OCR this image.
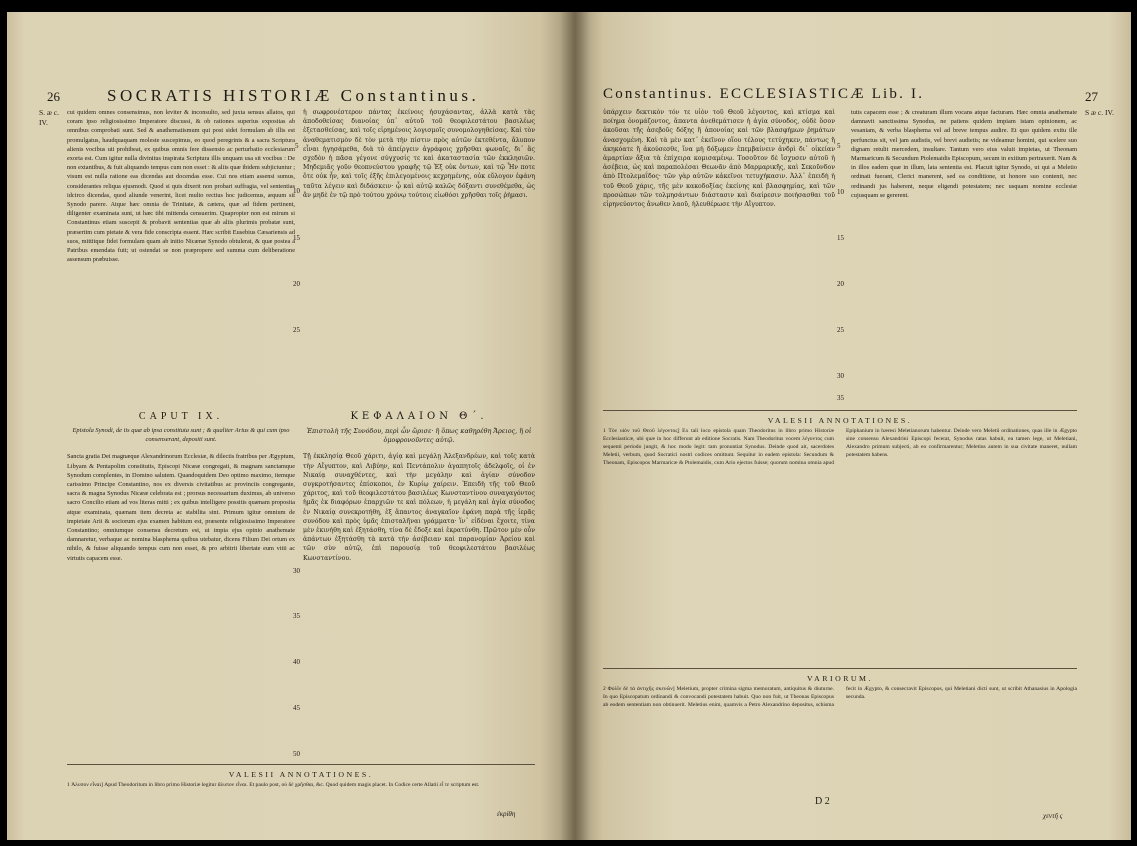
26	SOCRATIS HISTORIÆ Constantinus.
S. æ c. IV.

cui quidem omnes consensimus, non leviter & inconsulto, sed juxta sensus allatos, qui coram ipso religiosissimo Imperatore discussi, & ob rationes superius expositas ab omnibus comprobati sunt. Sed & anathematismum qui post sidei formulam ab illis est promulgatus, haudquaquam moleste suscepimus, eo quod peregrinis & a sacra Scriptura alienis vocibus uti prohibeat, ex quibus omnis fere dissensio ac perturbatio ecclesiarum exorta est. Cum igitur nulla divinitus inspirata Scriptura illis unquam usa sit vocibus : De non extantibus, & fuit aliquando tempus cum non esset : & aliis quæ ibidem subjiciuntur ; visum est nulla ratione eas dicendas aut docendas esse. Cui nos etiam assensi sumus, considerantes reliqua ejusmodi. Quod si quis dixerit non probari suffragia, vel sententias idcirco dicendas, quod aliunde venerint, licet multo rectius hoc judicemus, æquum sit Synodo parere. Atque hæc omnia de Trinitate, & cætera, quæ ad fidem pertinent, diligenter examinata sunt, ut hæc tibi mittenda censuerim. Quapropter non est mirum si Constantinus etiam suscepit & probavit sententias quæ ab aliis plurimis probatæ sunt, præsertim cum pietate & vera fide conscripta essent. Hæc scribit Eusebius Cæsariensis ad suos, mittitque fidei formulam quam ab initio Nicænæ Synodo obtulerat, & quæ postea a Patribus emendata fuit; ut ostendat se non præpropere sed summa cum deliberatione assensum præbuisse.

ἡ σωφρονέστερον πάντας ἐκείνοις ἡσυχάσαντας, ἀλλὰ κατὰ τὰς ἀποδοθείσας διανοίας ὑπ᾽ αὐτοῦ τοῦ θεοφιλεστάτου βασιλέως ἐξετασθείσας, καὶ τοῖς εἰρημένοις λογισμοῖς συνομολογηθείσας. Καὶ τὸν ἀναθεματισμὸν δὲ τὸν μετὰ τὴν πίστιν πρὸς αὐτῶν ἐκτεθέντα, ἄλυπον εἶναι ἡγησάμεθα, διὰ τὸ ἀπείργειν ἀγράφοις χρῆσθαι φωναῖς, δι᾽ ἃς σχεδὸν ἡ πᾶσα γέγονε σύγχυσίς τε καὶ ἀκαταστασία τῶν ἐκκλησιῶν. Μηδεμιᾶς γοῦν θεοπνεύστου γραφῆς τῷ Ἐξ οὐκ ὄντων, καὶ τῷ Ἦν ποτε ὅτε οὐκ ἦν, καὶ τοῖς ἑξῆς ἐπιλεγομένοις κεχρημένης, οὐκ εὔλογον ἐφάνη ταῦτα λέγειν καὶ διδάσκειν· ᾧ καὶ αὐτῷ καλῶς δόξαντι συνεθέμεθα, ὡς ἂν μηδὲ ἐν τῷ πρὸ τούτου χρόνῳ τούτοις εἰωθόσι χρῆσθαι τοῖς ῥήμασι.

CAPUT IX.
Epistola Synodi, de iis quæ ab ipsa constituta sunt ; & qualiter Arius & qui cum ipso consenserant, depositi sunt.

Sancta gratia Dei magnæque Alexandrinorum Ecclesiæ, & dilectis fratribus per Ægyptum, Libyam & Pentapolim constitutis, Episcopi Nicææ congregati, & magnam sanctamque Synodum complentes, in Domino salutem. Quandoquidem Deo optimo maximo, itemque carissimo Principe Constantino, nos ex diversis civitatibus ac provinciis congregante, sacra & magna Synodus Nicææ celebrata est ; prorsus necessarium duximus, ab universo sacro Concilio etiam ad vos literas mitti ; ex quibus intelligere possitis quænam proposita atque examinata, quænam item decreta ac stabilita sint. Primum igitur omnium de impietate Arii & sociorum ejus examen habitum est, præsente religiosissimo Imperatore Constantino; omniumque consensu decretum est, ut impia ejus opinio anathemate damnaretur, verbaque ac nomina blasphema quibus utebatur, dicens Filium Dei ortum ex nihilo, & fuisse aliquando tempus cum non esset, & pro arbitrii libertate eum vitii ac virtutis capacem esse.

ΚΕΦΑΛΑΙΟΝ Θ΄.
Ἐπιστολὴ τῆς Συνόδου, περὶ ὧν ὥρισε· ἢ ὅπως καθῃρέθη Ἄρειος, ἢ οἱ ὁμοφρονοῦντες αὐτῷ.

Τῇ ἐκκλησίᾳ Θεοῦ χάριτι, ἁγίᾳ καὶ μεγάλῃ Ἀλεξανδρέων, καὶ τοῖς κατὰ τὴν Αἴγυπτον, καὶ Λιβύην, καὶ Πεντάπολιν ἀγαπητοῖς ἀδελφοῖς, οἱ ἐν Νικαίᾳ συναχθέντες, καὶ τὴν μεγάλην καὶ ἁγίαν σύνοδον συγκροτήσαντες ἐπίσκοποι, ἐν Κυρίῳ χαίρειν. Ἐπειδὴ τῆς τοῦ Θεοῦ χάριτος, καὶ τοῦ θεοφιλεστάτου βασιλέως Κωνσταντίνου συναγαγόντος ἡμᾶς ἐκ διαφόρων ἐπαρχιῶν τε καὶ πόλεων, ἡ μεγάλη καὶ ἁγία σύνοδος ἐν Νικαίᾳ συνεκροτήθη, ἐξ ἅπαντος ἀναγκαῖον ἐφάνη παρὰ τῆς ἱερᾶς συνόδου καὶ πρὸς ὑμᾶς ἐπισταλῆναι γράμματα· ἵν᾽ εἰδέναι ἔχοιτε, τίνα μὲν ἐκινήθη καὶ ἐξητάσθη, τίνα δὲ ἔδοξε καὶ ἐκρατύνθη. Πρῶτον μὲν οὖν ἁπάντων ἐξητάσθη τὰ κατὰ τὴν ἀσέβειαν καὶ παρανομίαν Ἀρείου καὶ τῶν σὺν αὐτῷ, ἐπὶ παρουσίᾳ τοῦ θεοφιλεστάτου βασιλέως Κωνσταντίνου.

5
10
15
20
25
30
35
40
45
50
VALESII ANNOTATIONES.
1 Ἀλυπον εἶναι] Apud Theodoritum in libro primo Historiæ legitur ἄλυπον εἶναι. Et paulo post, οὐ δὲ χρῆσθαι, &c. Quod quidem magis placet. In Codice certe Allatii εἶ τε scriptum est.
ἐκρίθη
Constantinus. ECCLESIASTICÆ Lib. I.	27
S æ c. IV.

ὑπάρχειν δεκτικὸν τόν τε υἱὸν τοῦ Θεοῦ λέγοντος, καὶ κτίσμα καὶ ποίημα ὀνομάζοντος, ἅπαντα ἀνεθεμάτισεν ἡ ἁγία σύνοδος, οὐδὲ ὅσον ἀκοῦσαι τῆς ἀσεβοῦς δόξης ἢ ἀπονοίας καὶ τῶν βλασφήμων ῥημάτων ἀνασχομένη. Καὶ τὰ μὲν κατ᾽ ἐκεῖνον οἵου τέλους τετύχηκεν, πάντως ἢ ἀκηκόατε ἢ ἀκούσεσθε, ἵνα μὴ δόξωμεν ἐπεμβαίνειν ἀνδρὶ δι᾽ οἰκείαν ἁμαρτίαν ἄξια τὰ ἐπίχειρα κομισαμένῳ. Τοσοῦτον δὲ ἴσχυσεν αὐτοῦ ἡ ἀσέβεια, ὡς καὶ παραπολέσαι Θεωνᾶν ἀπὸ Μαρμαρικῆς, καὶ Σεκοῦνδον ἀπὸ Πτολεμαΐδος· τῶν γὰρ αὐτῶν κἀκεῖνοι τετυχήκασιν. Ἀλλ᾽ ἐπειδὴ ἡ τοῦ Θεοῦ χάρις, τῆς μὲν κακοδοξίας ἐκείνης καὶ βλασφημίας, καὶ τῶν προσώπων τῶν τολμησάντων διάστασιν καὶ διαίρεσιν ποιήσασθαι τοῦ εἰρηνεύοντος ἄνωθεν λαοῦ, ἠλευθέρωσε τὴν Αἴγυπτον.

tutis capacem esse ; & creaturam illum vocans atque facturam. Hæc omnia anathemate damnavit sanctissima Synodus, ne patiens quidem impiam istam opinionem, ac vesaniam, & verba blasphema vel ad breve tempus audire. Et quo quidem exitu ille perfunctus sit, vel jam audistis, vel brevi audietis; ne videamur homini, qui scelere suo dignam retulit mercedem, insultare. Tantum vero eius valuit impietas, ut Theonam Marmaricum & Secundum Ptolemaidis Episcopum, secum in exitium pertraxerit. Nam & in illos eadem quæ in illum, lata sententia est. Placuit igitur Synodo, ut qui a Meletio ordinati fuerant, Clerici manerent, sed ea conditione, ut honore suo contenti, nec ordinandi jus haberent, neque eligendi potestatem; nec usquam nomine ecclesiæ cujusquam se gererent.

5
10
15
20
25
30
35
VALESII ANNOTATIONES.
1 Τὸν υἱὸν τοῦ Θεοῦ λέγοντος] Ex tali loco epistola quam Theodoritus in libro primo Historiæ Ecclesiasticæ, ubi quæ in hoc differunt ab editione Socratis. Nam Theodoritus vocem λέγοντος cum sequenti periodo jungit, & hoc modo legit: tam pronuntiat Synodus. Deinde quod ait, sacerdotes Meletii, verbum, quod Socratici nostri codices omittunt. Sequitur in eadem epistola: Secundum & Theonam, Episcopos Marmaricæ & Ptolemaidis, cum Ario ejectos fuisse; quorum nomina omnia apud Epiphanium in hæresi Meletianorum habentur. Deinde vero Meletii ordinationes, quas ille in Ægypto sine consensu Alexandrini Episcopi fecerat, Synodus ratas habuit, ea tamen lege, ut Meletiani, Alexandro primum subjecti, ab eo confirmarentur; Meletius autem in sua civitate maneret, nullam potestatem habens.
VARIORUM.
2 Φολῖν δὲ τὰ ἀντιχῆς σκευῶν] Meletium, propter crimina sigma memoratum, antiquitus & diuturne. In quo Episcopatum ordinandi & convocandi potestatem habuit. Quo non fuit, ut Theonas Episcopus ab eodem sententiam non obtinuerit. Meletius enim, quamvis a Petro Alexandrino depositus, schisma fecit in Ægypto, & consecravit Episcopos, qui Meletiani dicti sunt, ut scribit Athanasius in Apologia secunda.
D 2
χεντῆ ς
